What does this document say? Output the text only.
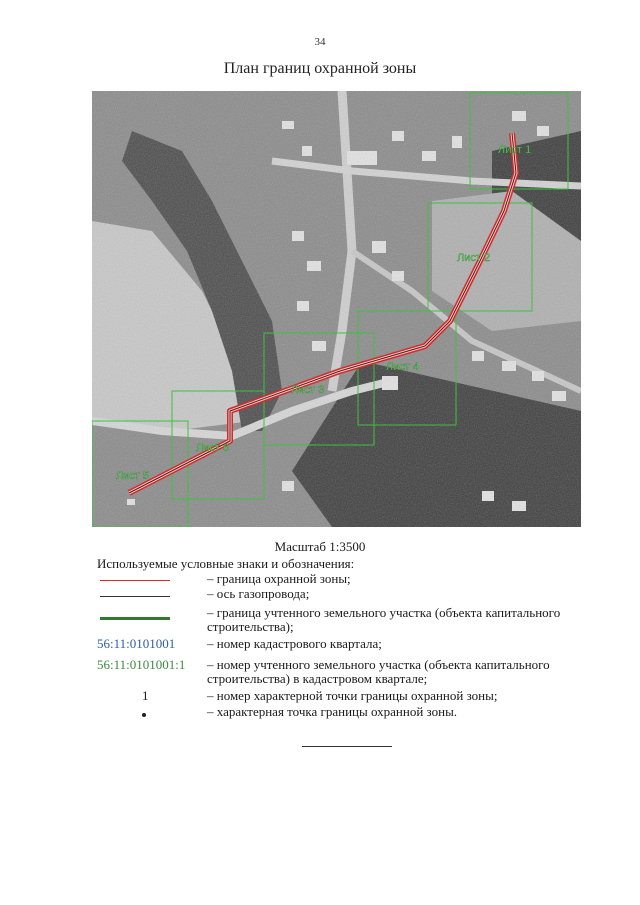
34
План границ охранной зоны
Лист 1
Лист 2
Лист 3
Лист 4
Лист 5
Лист 6
Масштаб 1:3500
Используемые условные знаки и обозначения:
– граница охранной зоны;
– ось газопровода;
– граница учтенного земельного участка (объекта капитального строительства);
56:11:0101001 – номер кадастрового квартала;
56:11:0101001:1 – номер учтенного земельного участка (объекта капитального строительства) в кадастровом квартале;
1	– номер характерной точки границы охранной зоны;
– характерная точка границы охранной зоны.
